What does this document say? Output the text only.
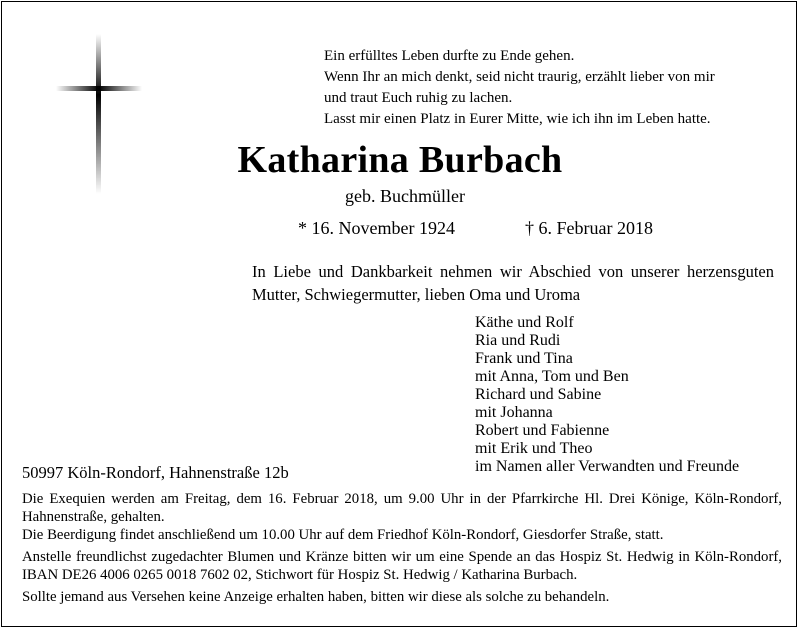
Ein erfülltes Leben durfte zu Ende gehen.
Wenn Ihr an mich denkt, seid nicht traurig, erzählt lieber von mir
und traut Euch ruhig zu lachen.
Lasst mir einen Platz in Eurer Mitte, wie ich ihn im Leben hatte.
Katharina Burbach
geb. Buchmüller
* 16. November 1924	† 6. Februar 2018
In Liebe und Dankbarkeit nehmen wir Abschied von unserer herzensguten Mutter, Schwiegermutter, lieben Oma und Uroma
Käthe und Rolf
Ria und Rudi
Frank und Tina
mit Anna, Tom und Ben
Richard und Sabine
mit Johanna
Robert und Fabienne
mit Erik und Theo
im Namen aller Verwandten und Freunde
50997 Köln-Rondorf, Hahnenstraße 12b

Die Exequien werden am Freitag, dem 16. Februar 2018, um 9.00 Uhr in der Pfarrkirche Hl. Drei Könige, Köln-Rondorf, Hahnenstraße, gehalten.

Die Beerdigung findet anschließend um 10.00 Uhr auf dem Friedhof Köln-Rondorf, Giesdorfer Straße, statt.

Anstelle freundlichst zugedachter Blumen und Kränze bitten wir um eine Spende an das Hospiz St. Hedwig in Köln-Rondorf, IBAN DE26 4006 0265 0018 7602 02, Stichwort für Hospiz St. Hedwig / Katharina Burbach.

Sollte jemand aus Versehen keine Anzeige erhalten haben, bitten wir diese als solche zu behandeln.
